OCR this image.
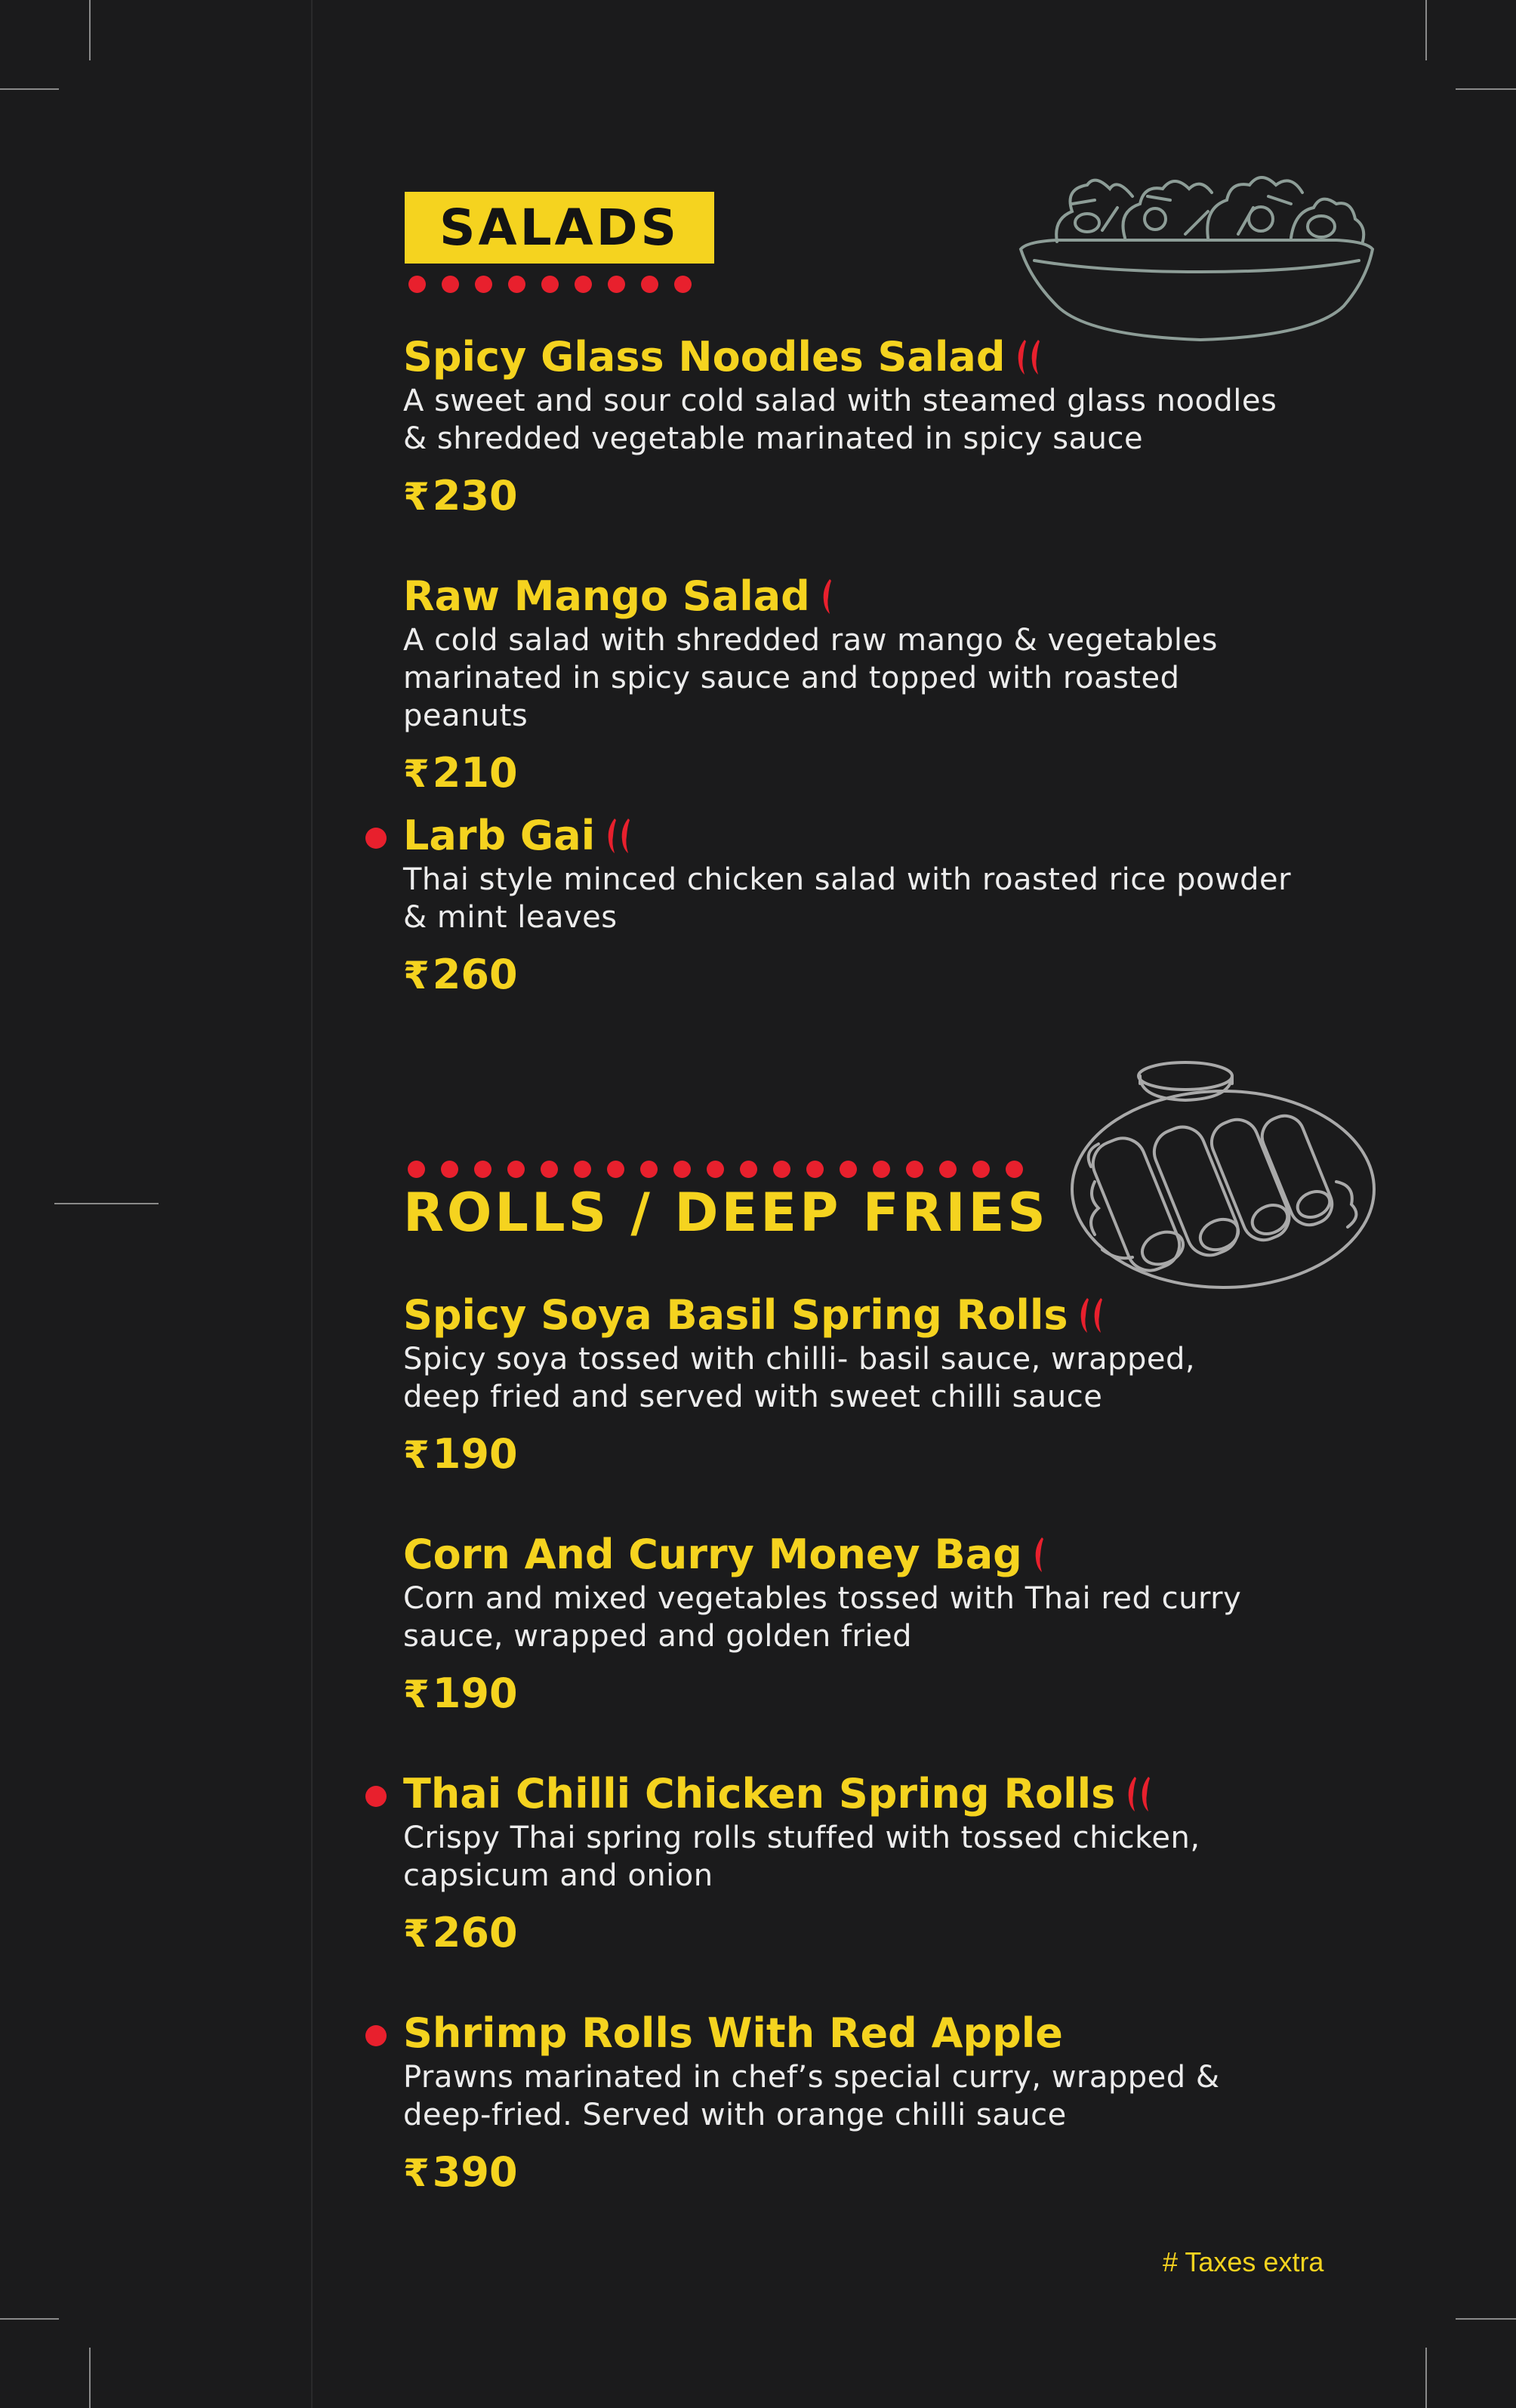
SALADS
Spicy Glass Noodles Salad
A sweet and sour cold salad with steamed glass noodles
& shredded vegetable marinated in spicy sauce
₹230
Raw Mango Salad
A cold salad with shredded raw mango & vegetables
marinated in spicy sauce and topped with roasted peanuts
₹210
Larb Gai
Thai style minced chicken salad with roasted rice powder
& mint leaves
₹260
ROLLS / DEEP FRIES
Spicy Soya Basil Spring Rolls
Spicy soya tossed with chilli- basil sauce, wrapped,
deep fried and served with sweet chilli sauce
₹190
Corn And Curry Money Bag
Corn and mixed vegetables tossed with Thai red curry
sauce, wrapped and golden fried
₹190
Thai Chilli Chicken Spring Rolls
Crispy Thai spring rolls stuffed with tossed chicken,
capsicum and onion
₹260
Shrimp Rolls With Red Apple
Prawns marinated in chef’s special curry, wrapped &
deep-fried. Served with orange chilli sauce
₹390
# Taxes extra
